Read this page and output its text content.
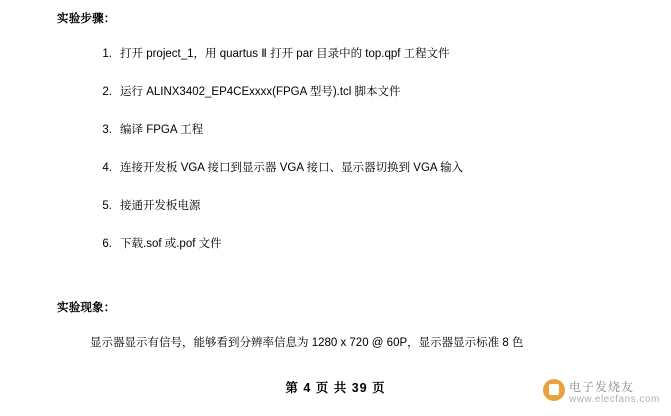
实验步骤：
1. 打开 project_1，用 quartus Ⅱ 打开 par 目录中的 top.qpf 工程文件
2. 运行 ALINX3402_EP4CExxxx(FPGA 型号).tcl 脚本文件
3. 编译 FPGA 工程
4. 连接开发板 VGA 接口到显示器 VGA 接口、显示器切换到 VGA 输入
5. 接通开发板电源
6. 下载.sof 或.pof 文件
实验现象：
显示器显示有信号，能够看到分辨率信息为 1280 x 720 @ 60P，显示器显示标准 8 色
第 4 页 共 39 页	电子发烧友
www.elecfans.com
